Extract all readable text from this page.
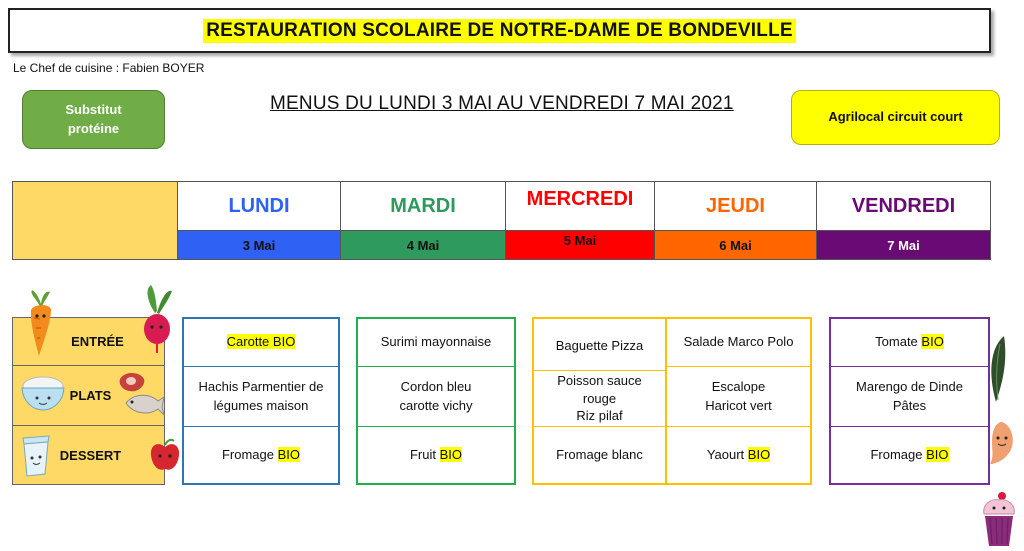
RESTAURATION SCOLAIRE DE NOTRE-DAME DE BONDEVILLE
Le Chef de cuisine : Fabien BOYER
Substitut
protéine
MENUS DU LUNDI 3 MAI AU VENDREDI 7 MAI 2021
Agrilocal circuit court
LUNDI
3 Mai
MARDI
4 Mai
MERCREDI
5 Mai
JEUDI
6 Mai
VENDREDI
7 Mai
ENTRÉE
PLATS
DESSERT
Carotte BIO
Hachis Parmentier de
légumes maison
Fromage BIO
Surimi mayonnaise
Cordon bleu
carotte vichy
Fruit BIO
Baguette Pizza
Poisson sauce
rouge
Riz pilaf
Fromage blanc
Salade Marco Polo
Escalope
Haricot vert
Yaourt BIO
Tomate BIO
Marengo de Dinde
Pâtes
Fromage BIO
